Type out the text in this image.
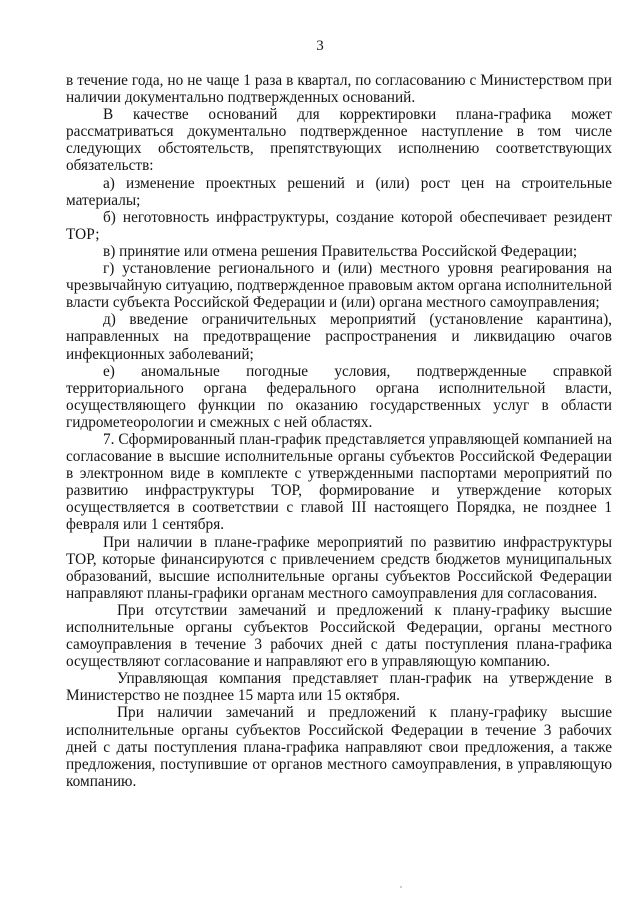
3

в течение года, но не чаще 1 раза в квартал, по согласованию с Министерством при наличии документально подтвержденных оснований.

В качестве оснований для корректировки плана-графика может рассматриваться документально подтвержденное наступление в том числе следующих обстоятельств, препятствующих исполнению соответствующих обязательств:

а) изменение проектных решений и (или) рост цен на строительные материалы;

б) неготовность инфраструктуры, создание которой обеспечивает резидент ТОР;

в) принятие или отмена решения Правительства Российской Федерации;

г) установление регионального и (или) местного уровня реагирования на чрезвычайную ситуацию, подтвержденное правовым актом органа исполнительной власти субъекта Российской Федерации и (или) органа местного самоуправления;

д) введение ограничительных мероприятий (установление карантина), направленных на предотвращение распространения и ликвидацию очагов инфекционных заболеваний;

е) аномальные погодные условия, подтвержденные справкой территориального органа федерального органа исполнительной власти, осуществляющего функции по оказанию государственных услуг в области гидрометеорологии и смежных с ней областях.

7. Сформированный план-график представляется управляющей компанией на согласование в высшие исполнительные органы субъектов Российской Федерации в электронном виде в комплекте с утвержденными паспортами мероприятий по развитию инфраструктуры ТОР, формирование и утверждение которых осуществляется в соответствии с главой III настоящего Порядка, не позднее 1 февраля или 1 сентября.

При наличии в плане-графике мероприятий по развитию инфраструктуры ТОР, которые финансируются с привлечением средств бюджетов муниципальных образований, высшие исполнительные органы субъектов Российской Федерации направляют планы-графики органам местного самоуправления для согласования.

При отсутствии замечаний и предложений к плану-графику высшие исполнительные органы субъектов Российской Федерации, органы местного самоуправления в течение 3 рабочих дней с даты поступления плана-графика осуществляют согласование и направляют его в управляющую компанию.

Управляющая компания представляет план-график на утверждение в Министерство не позднее 15 марта или 15 октября.

При наличии замечаний и предложений к плану-графику высшие исполнительные органы субъектов Российской Федерации в течение 3 рабочих дней с даты поступления плана-графика направляют свои предложения, а также предложения, поступившие от органов местного самоуправления, в управляющую компанию.
